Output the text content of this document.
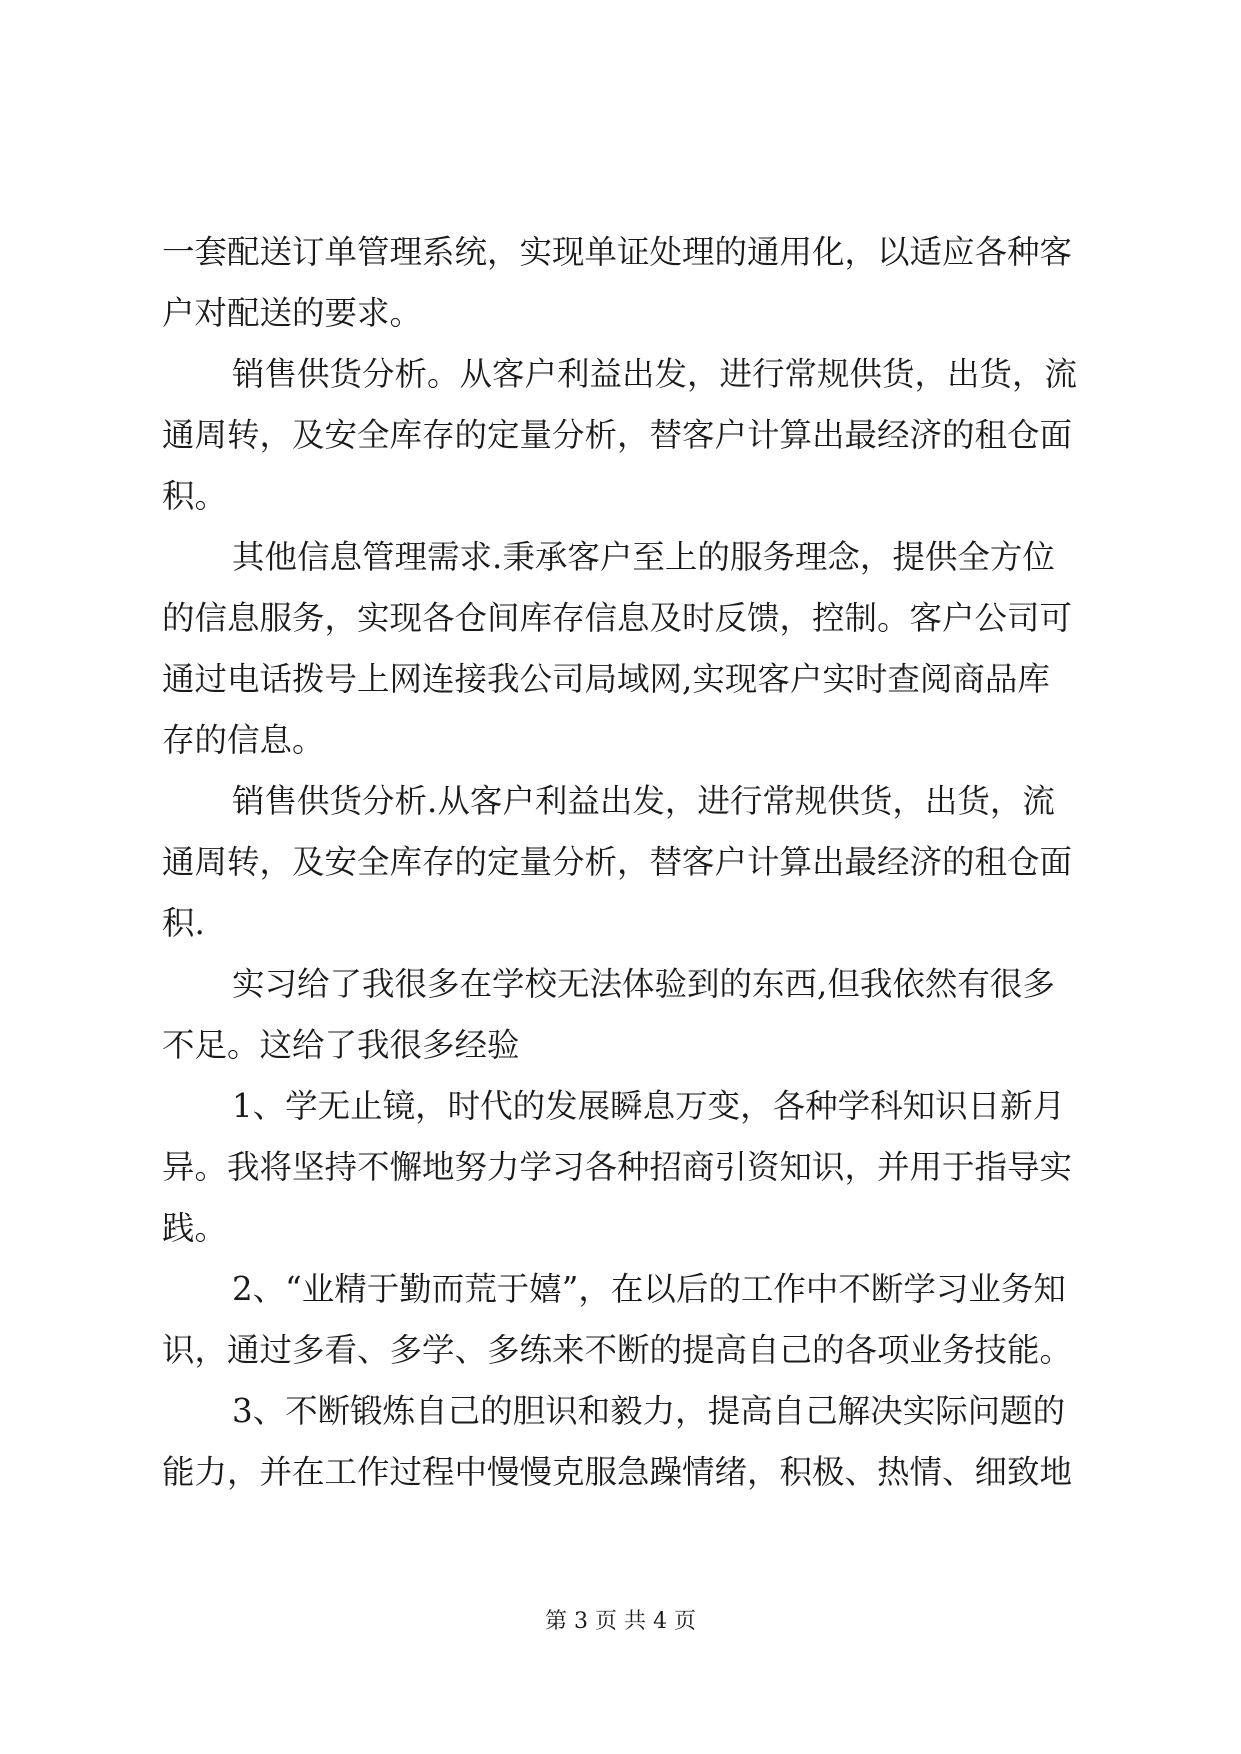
一套配送订单管理系统，实现单证处理的通用化，以适应各种客
户对配送的要求。
销售供货分析。从客户利益出发，进行常规供货，出货，流
通周转，及安全库存的定量分析，替客户计算出最经济的租仓面
积。
其他信息管理需求.秉承客户至上的服务理念，提供全方位
的信息服务，实现各仓间库存信息及时反馈，控制。客户公司可
通过电话拨号上网连接我公司局域网,实现客户实时查阅商品库
存的信息。
销售供货分析.从客户利益出发，进行常规供货，出货，流
通周转，及安全库存的定量分析，替客户计算出最经济的租仓面
积.
实习给了我很多在学校无法体验到的东西,但我依然有很多
不足。这给了我很多经验
1、学无止镜，时代的发展瞬息万变，各种学科知识日新月
异。我将坚持不懈地努力学习各种招商引资知识，并用于指导实
践。
2、“业精于勤而荒于嬉”，在以后的工作中不断学习业务知
识，通过多看、多学、多练来不断的提高自己的各项业务技能。
3、不断锻炼自己的胆识和毅力，提高自己解决实际问题的
能力，并在工作过程中慢慢克服急躁情绪，积极、热情、细致地
第 3 页 共 4 页
